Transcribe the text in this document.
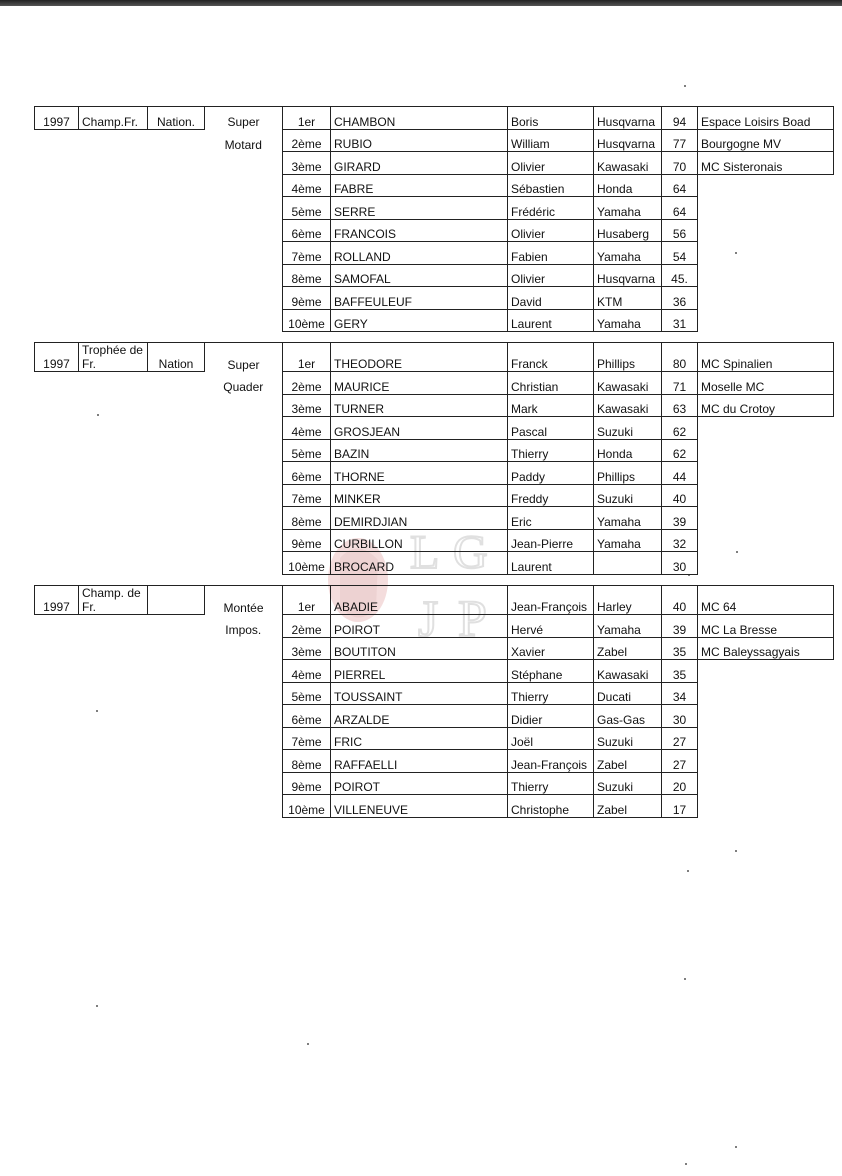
L G
J P
1997	Champ.Fr.	Nation.	Super	1er	CHAMBON	Boris	Husqvarna	94	Espace Loisirs Boad
			Motard	2ème	RUBIO	William	Husqvarna	77	Bourgogne MV
				3ème	GIRARD	Olivier	Kawasaki	70	MC Sisteronais
				4ème	FABRE	Sébastien	Honda	64	
				5ème	SERRE	Frédéric	Yamaha	64	
				6ème	FRANCOIS	Olivier	Husaberg	56	
				7ème	ROLLAND	Fabien	Yamaha	54	
				8ème	SAMOFAL	Olivier	Husqvarna	45.	
				9ème	BAFFEULEUF	David	KTM	36	
				10ème	GERY	Laurent	Yamaha	31	
1997	Trophée de Fr.	Nation	Super	1er	THEODORE	Franck	Phillips	80	MC Spinalien
			Quader	2ème	MAURICE	Christian	Kawasaki	71	Moselle MC
				3ème	TURNER	Mark	Kawasaki	63	MC du Crotoy
				4ème	GROSJEAN	Pascal	Suzuki	62	
				5ème	BAZIN	Thierry	Honda	62	
				6ème	THORNE	Paddy	Phillips	44	
				7ème	MINKER	Freddy	Suzuki	40	
				8ème	DEMIRDJIAN	Eric	Yamaha	39	
				9ème	CURBILLON	Jean-Pierre	Yamaha	32	
				10ème	BROCARD	Laurent		30	
1997	Champ. de Fr.		Montée	1er	ABADIE	Jean-François	Harley	40	MC 64
			Impos.	2ème	POIROT	Hervé	Yamaha	39	MC La Bresse
				3ème	BOUTITON	Xavier	Zabel	35	MC Baleyssagyais
				4ème	PIERREL	Stéphane	Kawasaki	35	
				5ème	TOUSSAINT	Thierry	Ducati	34	
				6ème	ARZALDE	Didier	Gas-Gas	30	
				7ème	FRIC	Joël	Suzuki	27	
				8ème	RAFFAELLI	Jean-François	Zabel	27	
				9ème	POIROT	Thierry	Suzuki	20	
				10ème	VILLENEUVE	Christophe	Zabel	17	
